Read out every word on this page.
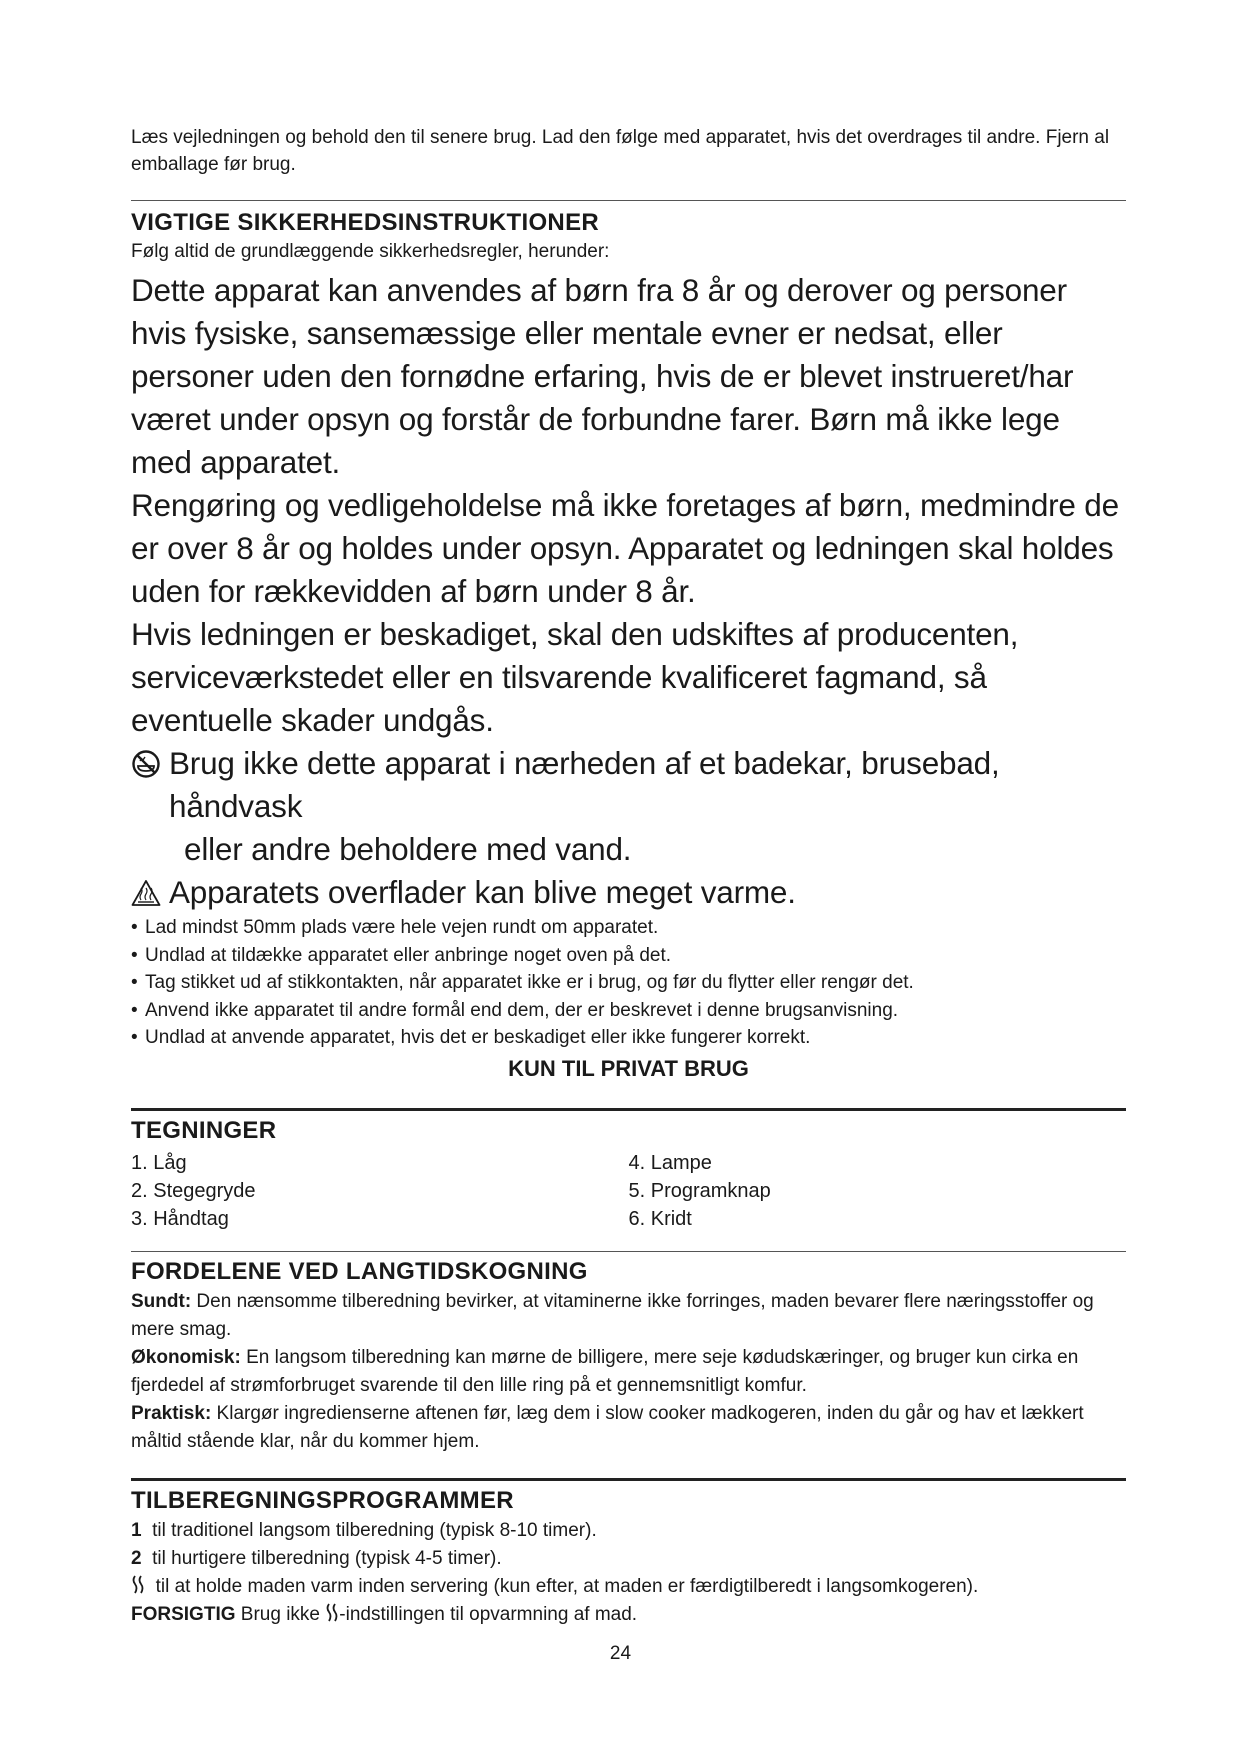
Læs vejledningen og behold den til senere brug. Lad den følge med apparatet, hvis det overdrages til andre. Fjern al emballage før brug.

VIGTIGE SIKKERHEDSINSTRUKTIONER

Følg altid de grundlæggende sikkerhedsregler, herunder:

Dette apparat kan anvendes af børn fra 8 år og derover og personer hvis fysiske, sansemæssige eller mentale evner er nedsat, eller personer uden den fornødne erfaring, hvis de er blevet instrueret/har været under opsyn og forstår de forbundne farer. Børn må ikke lege med apparatet.

Rengøring og vedligeholdelse må ikke foretages af børn, medmindre de er over 8 år og holdes under opsyn. Apparatet og ledningen skal holdes uden for rækkevidden af børn under 8 år.

Hvis ledningen er beskadiget, skal den udskiftes af producenten, serviceværkstedet eller en tilsvarende kvalificeret fagmand, så eventuelle skader undgås.

Brug ikke dette apparat i nærheden af et badekar, brusebad, håndvask

eller andre beholdere med vand.

Apparatets overflader kan blive meget varme.
• Lad mindst 50mm plads være hele vejen rundt om apparatet.
• Undlad at tildække apparatet eller anbringe noget oven på det.
• Tag stikket ud af stikkontakten, når apparatet ikke er i brug, og før du flytter eller rengør det.
• Anvend ikke apparatet til andre formål end dem, der er beskrevet i denne brugsanvisning.
• Undlad at anvende apparatet, hvis det er beskadiget eller ikke fungerer korrekt.

KUN TIL PRIVAT BRUG

TEGNINGER
1. Låg
2. Stegegryde
3. Håndtag
4. Lampe
5. Programknap
6. Kridt
FORDELENE VED LANGTIDSKOGNING

Sundt: Den nænsomme tilberedning bevirker, at vitaminerne ikke forringes, maden bevarer flere næringsstoffer og mere smag.

Økonomisk: En langsom tilberedning kan mørne de billigere, mere seje kødudskæringer, og bruger kun cirka en fjerdedel af strømforbruget svarende til den lille ring på et gennemsnitligt komfur.

Praktisk: Klargør ingredienserne aftenen før, læg dem i slow cooker madkogeren, inden du går og hav et lækkert måltid stående klar, når du kommer hjem.

TILBEREGNINGSPROGRAMMER

1 til traditionel langsom tilberedning (typisk 8-10 timer).

2 til hurtigere tilberedning (typisk 4-5 timer).

til at holde maden varm inden servering (kun efter, at maden er færdigtilberedt i langsomkogeren).

FORSIGTIG Brug ikke -indstillingen til opvarmning af mad.

24
